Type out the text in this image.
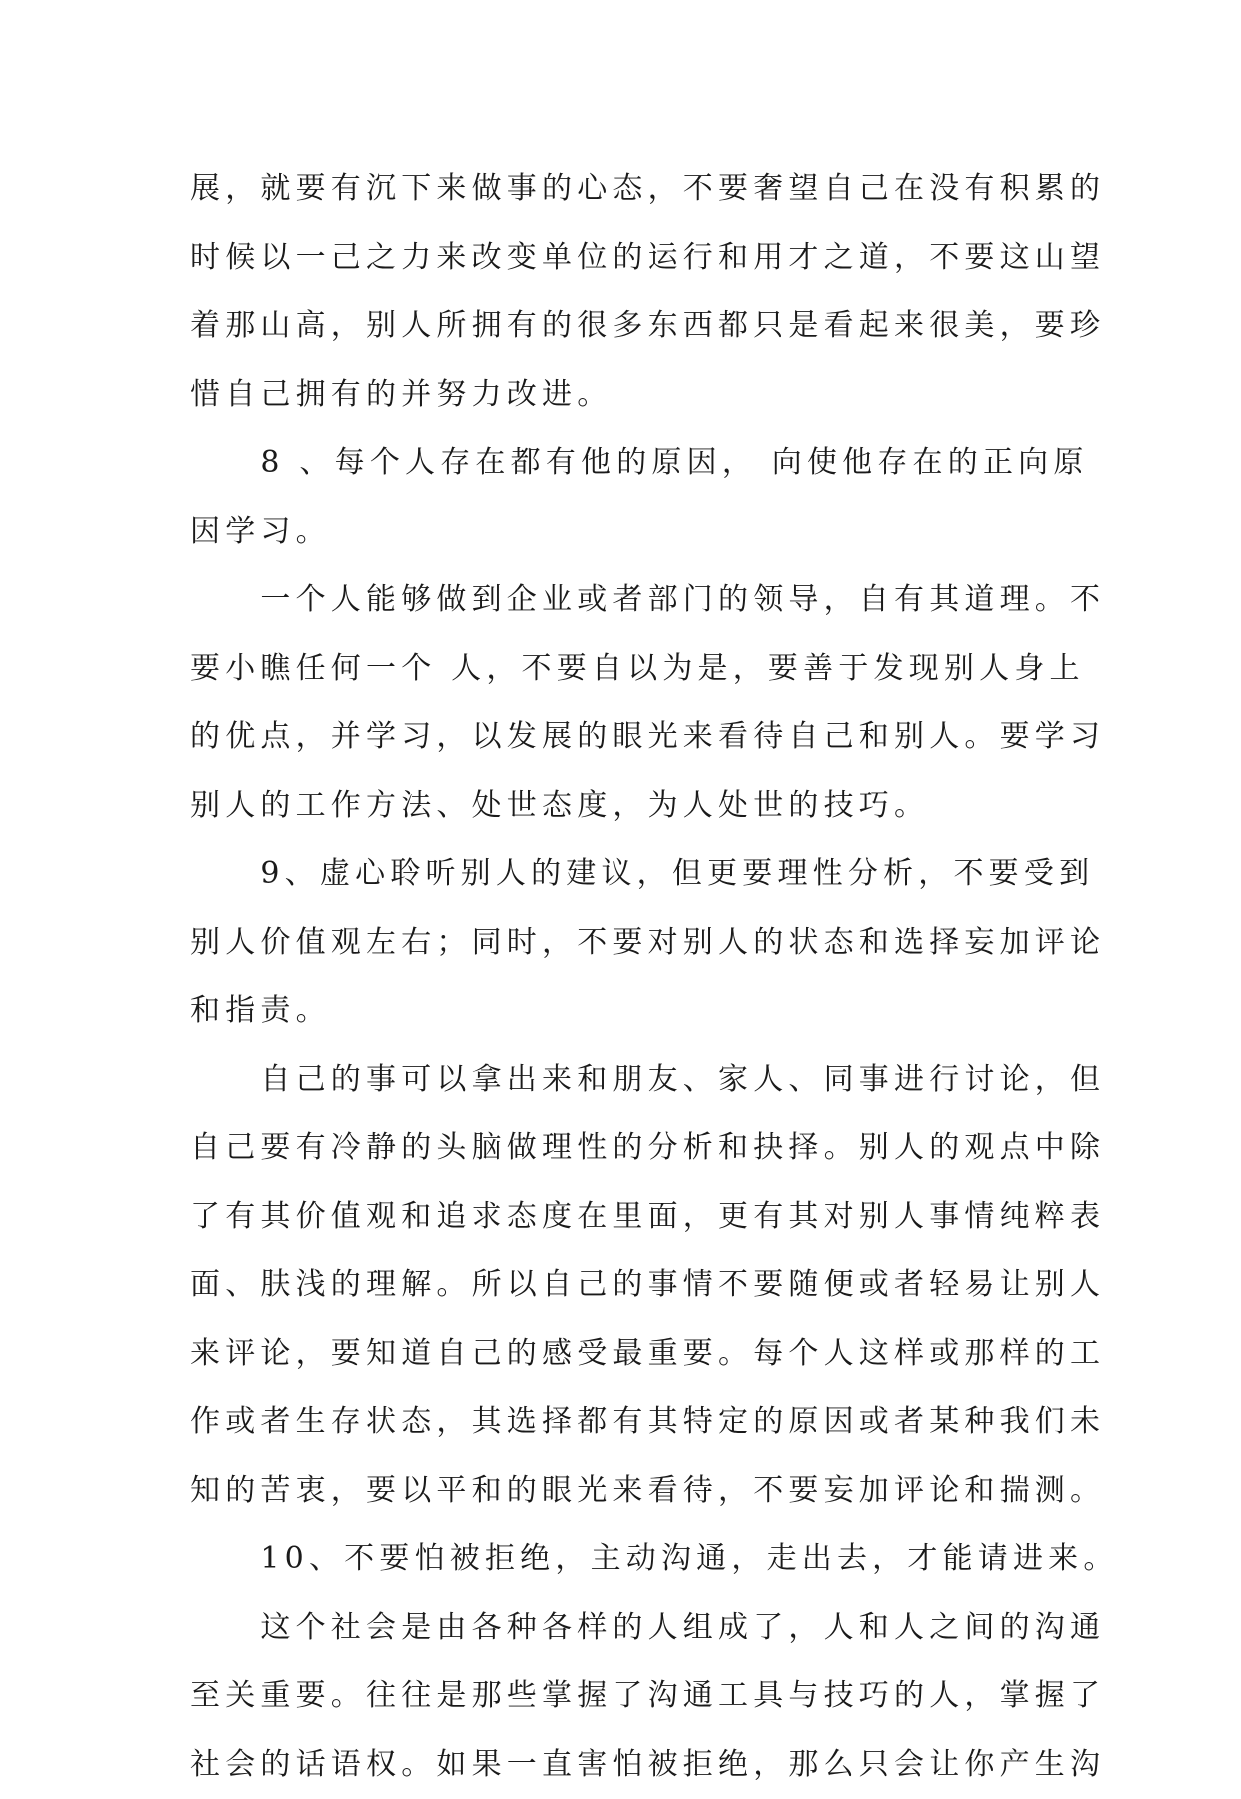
展，就要有沉下来做事的心态，不要奢望自己在没有积累的
时候以一己之力来改变单位的运行和用才之道，不要这山望
着那山高，别人所拥有的很多东西都只是看起来很美，要珍
惜自己拥有的并努力改进。
　　8 、每个人存在都有他的原因， 向使他存在的正向原
因学习。
　　一个人能够做到企业或者部门的领导，自有其道理。不
要小瞧任何一个 人，不要自以为是，要善于发现别人身上
的优点，并学习，以发展的眼光来看待自己和别人。要学习
别人的工作方法、处世态度，为人处世的技巧。
　　9、虚心聆听别人的建议，但更要理性分析，不要受到
别人价值观左右；同时，不要对别人的状态和选择妄加评论
和指责。
　　自己的事可以拿出来和朋友、家人、同事进行讨论，但
自己要有冷静的头脑做理性的分析和抉择。别人的观点中除
了有其价值观和追求态度在里面，更有其对别人事情纯粹表
面、肤浅的理解。所以自己的事情不要随便或者轻易让别人
来评论，要知道自己的感受最重要。每个人这样或那样的工
作或者生存状态，其选择都有其特定的原因或者某种我们未
知的苦衷，要以平和的眼光来看待，不要妄加评论和揣测。
　　10、不要怕被拒绝，主动沟通，走出去，才能请进来。
　　这个社会是由各种各样的人组成了，人和人之间的沟通
至关重要。往往是那些掌握了沟通工具与技巧的人，掌握了
社会的话语权。如果一直害怕被拒绝，那么只会让你产生沟
